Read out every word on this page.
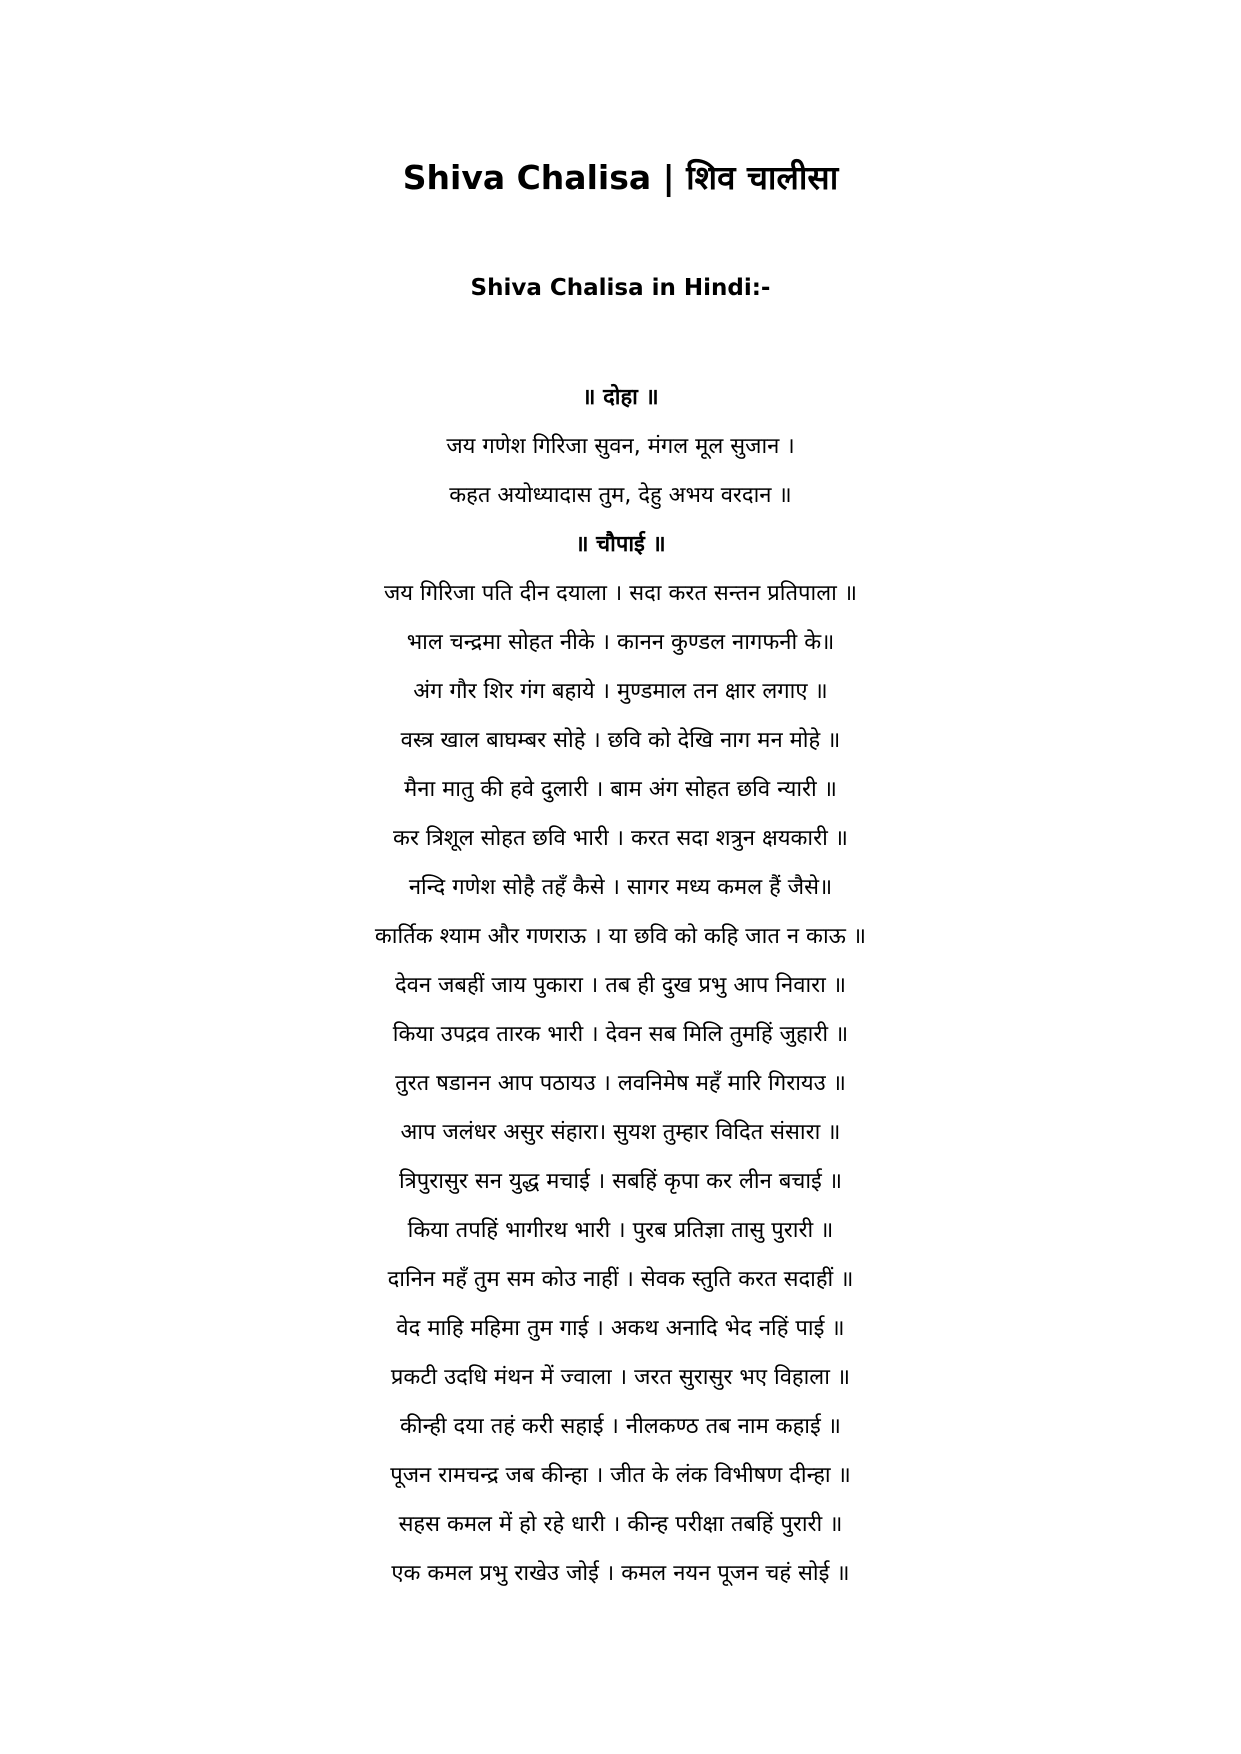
Shiva Chalisa | शिव चालीसा
Shiva Chalisa in Hindi:-
॥ दोहा ॥
जय गणेश गिरिजा सुवन, मंगल मूल सुजान ।
कहत अयोध्यादास तुम, देहु अभय वरदान ॥
॥ चौपाई ॥
जय गिरिजा पति दीन दयाला । सदा करत सन्तन प्रतिपाला ॥
भाल चन्द्रमा सोहत नीके । कानन कुण्डल नागफनी के॥
अंग गौर शिर गंग बहाये । मुण्डमाल तन क्षार लगाए ॥
वस्त्र खाल बाघम्बर सोहे । छवि को देखि नाग मन मोहे ॥
मैना मातु की हवे दुलारी । बाम अंग सोहत छवि न्यारी ॥
कर त्रिशूल सोहत छवि भारी । करत सदा शत्रुन क्षयकारी ॥
नन्दि गणेश सोहै तहँ कैसे । सागर मध्य कमल हैं जैसे॥
कार्तिक श्याम और गणराऊ । या छवि को कहि जात न काऊ ॥
देवन जबहीं जाय पुकारा । तब ही दुख प्रभु आप निवारा ॥
किया उपद्रव तारक भारी । देवन सब मिलि तुमहिं जुहारी ॥
तुरत षडानन आप पठायउ । लवनिमेष महँ मारि गिरायउ ॥
आप जलंधर असुर संहारा। सुयश तुम्हार विदित संसारा ॥
त्रिपुरासुर सन युद्ध मचाई । सबहिं कृपा कर लीन बचाई ॥
किया तपहिं भागीरथ भारी । पुरब प्रतिज्ञा तासु पुरारी ॥
दानिन महँ तुम सम कोउ नाहीं । सेवक स्तुति करत सदाहीं ॥
वेद माहि महिमा तुम गाई । अकथ अनादि भेद नहिं पाई ॥
प्रकटी उदधि मंथन में ज्वाला । जरत सुरासुर भए विहाला ॥
कीन्ही दया तहं करी सहाई । नीलकण्ठ तब नाम कहाई ॥
पूजन रामचन्द्र जब कीन्हा । जीत के लंक विभीषण दीन्हा ॥
सहस कमल में हो रहे धारी । कीन्ह परीक्षा तबहिं पुरारी ॥
एक कमल प्रभु राखेउ जोई । कमल नयन पूजन चहं सोई ॥
